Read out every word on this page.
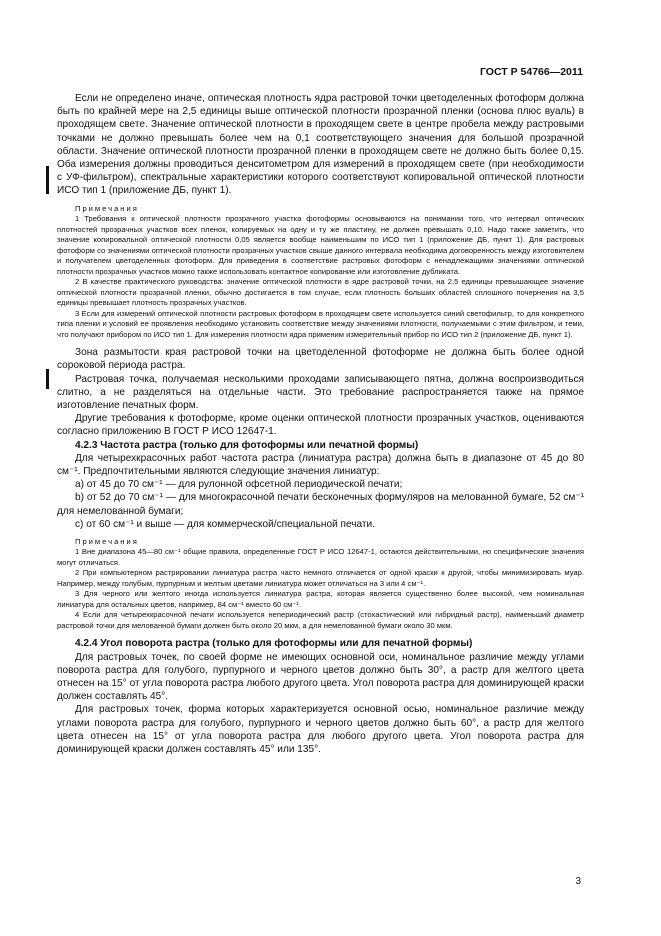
ГОСТ Р 54766—2011

Если не определено иначе, оптическая плотность ядра растровой точки цветоделенных фотоформ должна быть по крайней мере на 2,5 единицы выше оптической плотности прозрачной пленки (основа плюс вуаль) в проходящем свете. Значение оптической плотности в проходящем свете в центре пробела между растровыми точками не должно превышать более чем на 0,1 соответствующего значения для большой прозрачной области. Значение оптической плотности прозрачной пленки в проходящем свете не должно быть более 0,15. Оба измерения должны проводиться денситометром для измерений в проходящем свете (при необходимости с УФ-фильтром), спектральные характеристики которого соответствуют копировальной оптической плотности ИСО тип 1 (приложение ДБ, пункт 1).

Примечания

1 Требования к оптической плотности прозрачного участка фотоформы основываются на понимании того, что интервал оптических плотностей прозрачных участков всех пленок, копируемых на одну и ту же пластину, не должен превышать 0,10. Надо также заметить, что значение копировальной оптической плотности 0,05 является вообще наименьшим по ИСО тип 1 (приложение ДБ, пункт 1). Для растровых фотоформ со значениями оптической плотности прозрачных участков свыше данного интервала необходима договоренность между изготовителем и получателем цветоделенных фотоформ. Для приведения в соответствие растровых фотоформ с ненадлежащими значениями оптической плотности прозрачных участков можно также использовать контактное копирование или изготовление дубликата.

2 В качестве практического руководства: значение оптической плотности в ядре растровой точки, на 2,5 единицы превышающее значение оптической плотности прозрачной пленки, обычно достигается в том случае, если плотность больших областей сплошного почернения на 3,5 единицы превышает плотность прозрачных участков.

3 Если для измерений оптической плотности растровых фотоформ в проходящем свете используется синий светофильтр, то для конкретного типа пленки и условий ее проявления необходимо установить соответствие между значениями плотности, получаемыми с этим фильтром, и теми, что получают прибором по ИСО тип 1. Для измерения плотности ядра применим измерительный прибор по ИСО тип 2 (приложение ДБ, пункт 1).

Зона размытости края растровой точки на цветоделенной фотоформе не должна быть более одной сороковой периода растра.

Растровая точка, получаемая несколькими проходами записывающего пятна, должна воспроизводиться слитно, а не разделяться на отдельные части. Это требование распространяется также на прямое изготовление печатных форм.

Другие требования к фотоформе, кроме оценки оптической плотности прозрачных участков, оцениваются согласно приложению В ГОСТ Р ИСО 12647-1.

4.2.3 Частота растра (только для фотоформы или печатной формы)

Для четырехкрасочных работ частота растра (линиатура растра) должна быть в диапазоне от 45 до 80 см⁻¹. Предпочтительными являются следующие значения линиатур:

a) от 45 до 70 см⁻¹ — для рулонной офсетной периодической печати;

b) от 52 до 70 см⁻¹ — для многокрасочной печати бесконечных формуляров на мелованной бумаге, 52 см⁻¹ для немелованной бумаги;

c) от 60 см⁻¹ и выше — для коммерческой/специальной печати.

Примечания

1 Вне диапазона 45—80 см⁻¹ общие правила, определенные ГОСТ Р ИСО 12647-1, остаются действительными, но специфические значения могут отличаться.

2 При компьютерном растрировании линиатура растра часто немного отличается от одной краски к другой, чтобы минимизировать муар. Например, между голубым, пурпурным и желтым цветами линиатура может отличаться на 3 или 4 см⁻¹.

3 Для черного или желтого иногда используется линиатура растра, которая является существенно более высокой, чем номинальная линиатура для остальных цветов, например, 84 см⁻¹ вместо 60 см⁻¹.

4 Если для четырехкрасочной печати используется непериодический растр (стохастический или гибридный растр), наименьший диаметр растровой точки для мелованной бумаги должен быть около 20 мкм, а для немелованной бумаги около 30 мкм.

4.2.4 Угол поворота растра (только для фотоформы или для печатной формы)

Для растровых точек, по своей форме не имеющих основной оси, номинальное различие между углами поворота растра для голубого, пурпурного и черного цветов должно быть 30°, а растр для желтого цвета отнесен на 15° от угла поворота растра любого другого цвета. Угол поворота растра для доминирующей краски должен составлять 45°.

Для растровых точек, форма которых характеризуется основной осью, номинальное различие между углами поворота растра для голубого, пурпурного и черного цветов должно быть 60°, а растр для желтого цвета отнесен на 15° от угла поворота растра для любого другого цвета. Угол поворота растра для доминирующей краски должен составлять 45° или 135°.

3
